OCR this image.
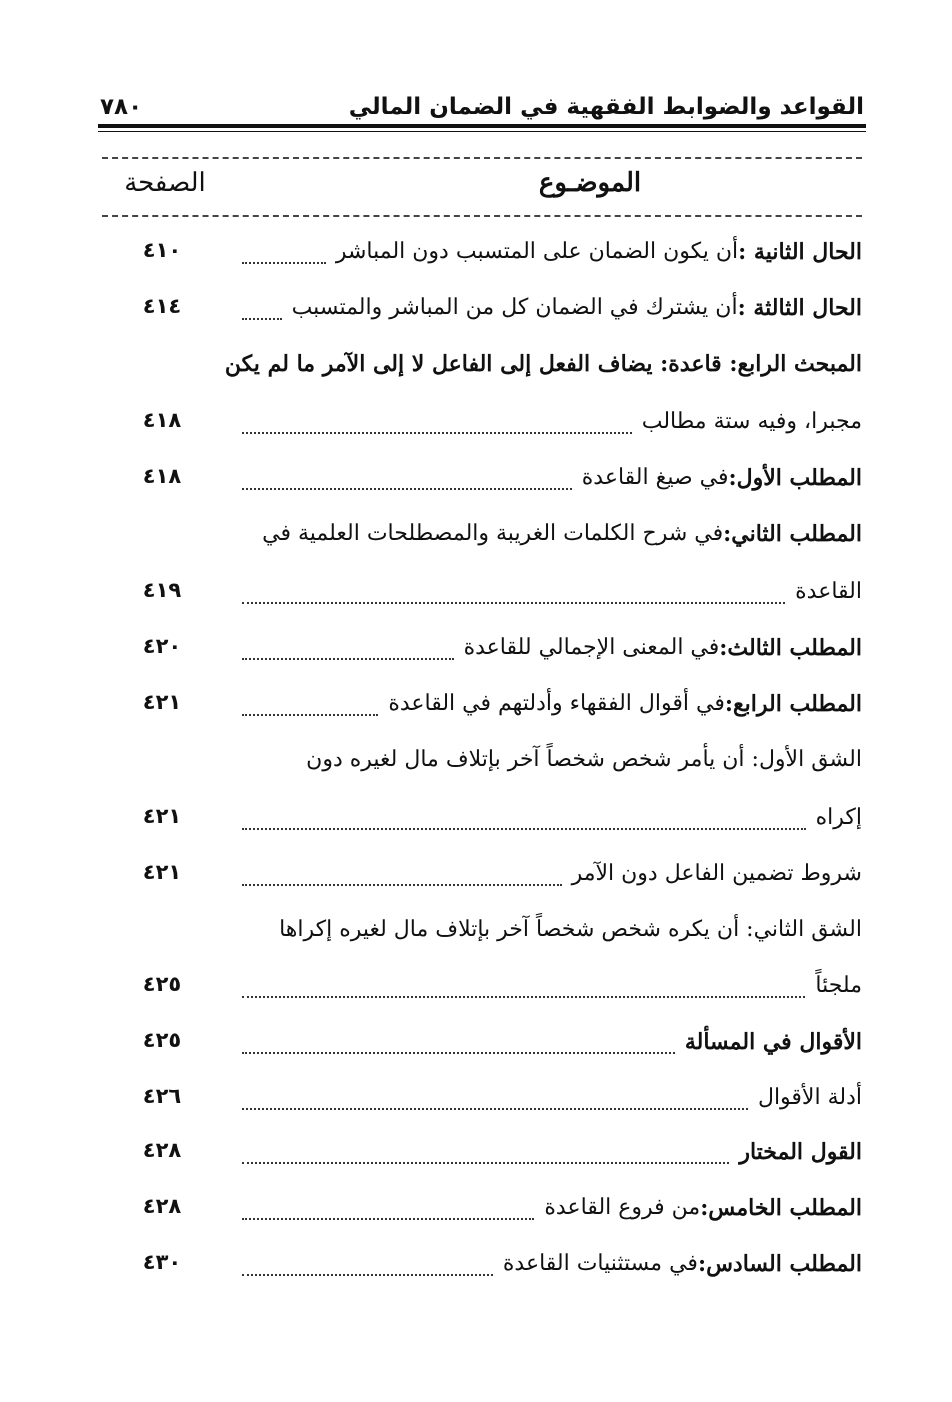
القواعد والضوابط الفقهية في الضمان المالي
٧٨٠
الموضـوع
الصفحة
الحال الثانية :
أن يكون الضمان على المتسبب دون المباشر
٤١٠
الحال الثالثة :
أن يشترك في الضمان كل من المباشر والمتسبب
٤١٤
المبحث الرابع: قاعدة: يضاف الفعل إلى الفاعل لا إلى الآمر ما لم يكن
مجبرا، وفيه ستة مطالب
٤١٨
المطلب الأول:
في صيغ القاعدة
٤١٨
المطلب الثاني:
في شرح الكلمات الغريبة والمصطلحات العلمية في
القاعدة
٤١٩
المطلب الثالث:
في المعنى الإجمالي للقاعدة
٤٢٠
المطلب الرابع:
في أقوال الفقهاء وأدلتهم في القاعدة
٤٢١
الشق الأول: أن يأمر شخص شخصاً آخر بإتلاف مال لغيره دون
إكراه
٤٢١
شروط تضمين الفاعل دون الآمر
٤٢١
الشق الثاني: أن يكره شخص شخصاً آخر بإتلاف مال لغيره إكراها
ملجئاً
٤٢٥
الأقوال في المسألة
٤٢٥
أدلة الأقوال
٤٢٦
القول المختار
٤٢٨
المطلب الخامس:
من فروع القاعدة
٤٢٨
المطلب السادس:
في مستثنيات القاعدة
٤٣٠
